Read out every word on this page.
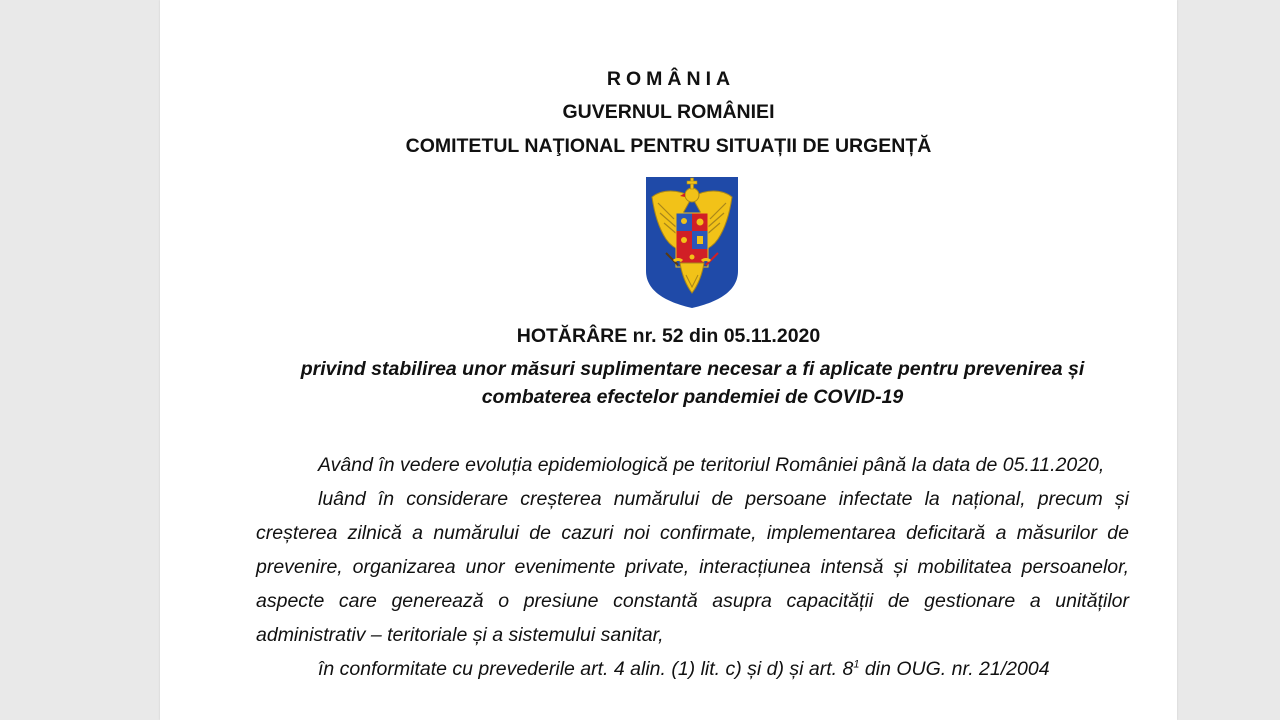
ROMÂNIA
GUVERNUL ROMÂNIEI
COMITETUL NAŢIONAL PENTRU SITUAȚII DE URGENȚĂ
HOTĂRÂRE nr. 52 din 05.11.2020
privind stabilirea unor măsuri suplimentare necesar a fi aplicate pentru prevenirea și combaterea efectelor pandemiei de COVID-19

Având în vedere evoluția epidemiologică pe teritoriul României până la data de 05.11.2020,

luând în considerare creșterea numărului de persoane infectate la național, precum și creșterea zilnică a numărului de cazuri noi confirmate, implementarea deficitară a măsurilor de prevenire, organizarea unor evenimente private, interacțiunea intensă și mobilitatea persoanelor, aspecte care generează o presiune constantă asupra capacității de gestionare a unităților administrativ – teritoriale și a sistemului sanitar,

în conformitate cu prevederile art. 4 alin. (1) lit. c) și d) și art. $8^1$ din OUG. nr. 21/2004
